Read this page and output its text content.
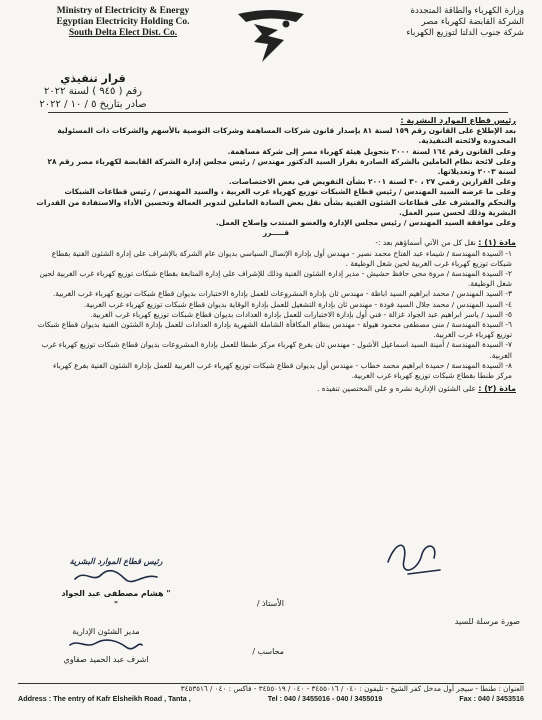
Ministry of Electricity & Energy
Egyptian Electricity Holding Co.
South Delta Elect Dist. Co.
وزارة الكهرباء والطاقة المتجددة
الشركة القابضة لكهرباء مصر
شركة جنوب الدلتا لتوزيع الكهرباء
قرار تنفيذي
رقم ( ٩٤٥ ) لسنة ٢٠٢٢
صادر بتاريخ ٥ / ١٠ / ٢٠٢٢

رئيس قطاع الموارد البشرية :

بعد الإطلاع على القانون رقم ١٥٩ لسنة ٨١ بإصدار قانون شركات المساهمة وشركات التوصية بالأسهم والشركات ذات المسئولية المحدودة ولائحته التنفيذية.

وعلى القانون رقم ١٦٤ لسنة ٢٠٠٠ بتحويل هيئة كهرباء مصر إلى شركة مساهمة.

وعلى لائحة نظام العاملين بالشركة الصادرة بقرار السيد الدكتور مهندس / رئيس مجلس إدارة الشركة القابضة لكهرباء مصر رقم ٢٨ لسنة ٢٠٠٣ وتعديلاتها.

وعلى القرارين رقمي ٢٧ ، ٣٠ لسنة ٢٠٠١ بشأن التفويض في بعض الاختصاصات.

وعلى ما عرضه السيد المهندس / رئيس قطاع الشبكات توزيع كهرباء غرب الغربية ، والسيد المهندس / رئيس قطاعات الشبكات والتحكم والمشرف على قطاعات الشئون الفنية بشأن نقل بعض السادة العاملين لتدوير العمالة وتحسين الأداء والاستفادة من القدرات البشرية وذلك لحسن سير العمل.

وعلى موافقة السيد المهندس / رئيس مجلس الإدارة والعضو المنتدب وإصلاح العمل.

قـــــرر

مادة (١) : نقل كل من الآتي أسماؤهم بعد :-

١- السيدة المهندسة / شيماء عبد الفتاح محمد نصير - مهندس أول بإدارة الإتصال السياسي بديوان عام الشركة بالإشراف على إدارة الشئون الفنية بقطاع شبكات توزيع كهرباء غرب الغربية لحين شغل الوظيفة .

٢- السيدة المهندسة / مروة محي حافظ حشيش - مدير إدارة الشئون الفنية وذلك للإشراف على إدارة المتابعة بقطاع شبكات توزيع كهرباء غرب الغربية لحين شغل الوظيفة.

٣- السيد المهندس / محمد ابراهيم السيد اباظة - مهندس ثان بإدارة المشروعات للعمل بإدارة الاختبارات بديوان قطاع شبكات توزيع كهرباء غرب الغربية.

٤- السيد المهندس / محمد جلال السيد فودة - مهندس ثان بإدارة التشغيل للعمل بإدارة الوقاية بديوان قطاع شبكات توزيع كهرباء غرب الغربية.

٥- السيد / ياسر ابراهيم عبد الجواد غزالة - فني أول بإدارة الاختبارات للعمل بإدارة العدادات بديوان قطاع شبكات توزيع كهرباء غرب الغربية.

٦- السيدة المهندسة / منى مصطفى محمود هيولة - مهندس بنظام المكافأة الشاملة الشهرية بإدارة العدادات للعمل بإدارة الشئون الفنية بديوان قطاع شبكات توزيع كهرباء غرب الغربية.

٧- السيدة المهندسة / أمينة السيد اسماعيل الأشول - مهندس ثان بفرع كهرباء مركز طنطا للعمل بإدارة المشروعات بديوان قطاع شبكات توزيع كهرباء غرب الغربية.

٨- السيدة المهندسة / حميدة ابراهيم محمد خطاب - مهندس أول بديوان قطاع شبكات توزيع كهرباء غرب الغربية للعمل بإدارة الشئون الفنية بفرع كهرباء مركز طنطا بقطاع شبكات توزيع كهرباء غرب الغربية.

مادة (٢) : على الشئون الإدارية نشره و على المختصين تنفيذه .

رئيس قطاع الموارد البشرية
" هشام مصطفى عبد الجواد "	الأستاذ /
صورة مرسلة للسيد
مدير الشئون الإدارية
اشرف عبد الحميد صقاوي
محاسب /
العنوان : طنطا - سيجر أول مدخل كفر الشيخ - تليفون : ٠٤٠ / ٣٤٥٥٠١٦ - ٠٤٠ / ٣٤٥٥٠١٩ - فاكس : ٠٤٠ / ٣٤٥٣٥١٦
Address : The entry of Kafr Elsheikh Road , Tanta ,	Tel : 040 / 3455016 - 040 / 3455019	Fax : 040 / 3453516
